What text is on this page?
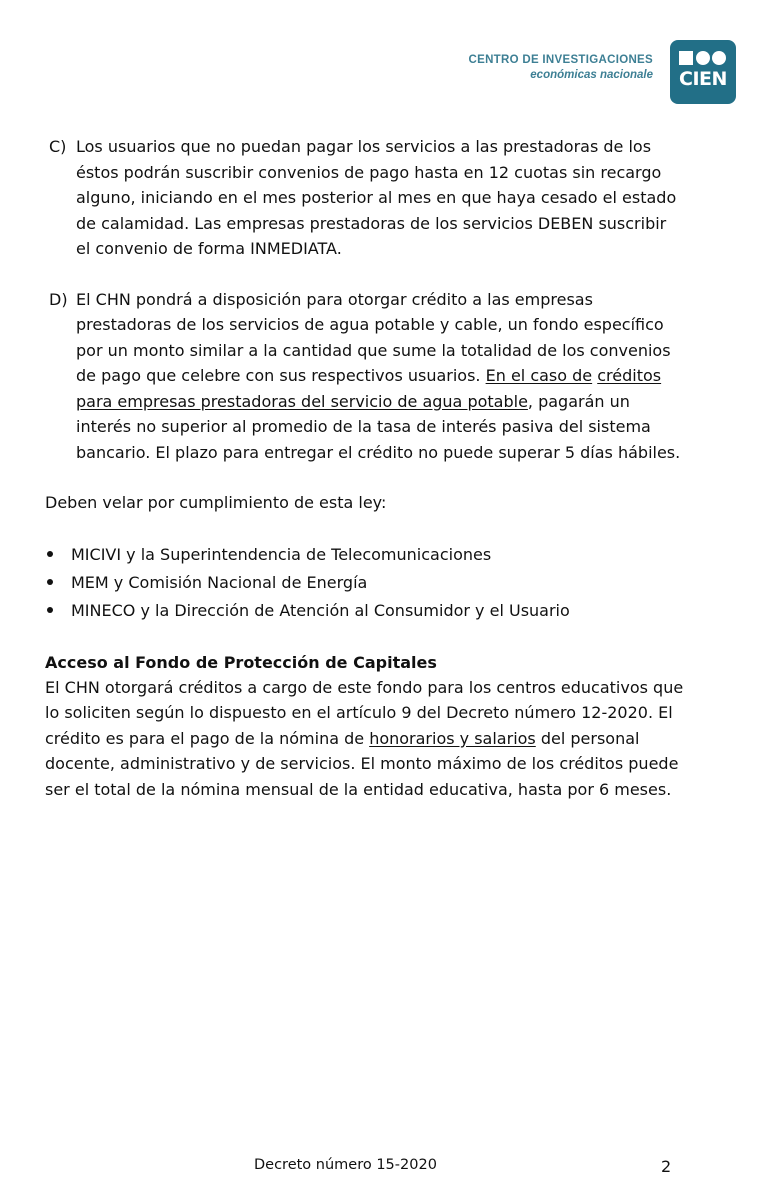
CENTRO DE INVESTIGACIONES
económicas nacionale	CIEN
C) Los usuarios que no puedan pagar los servicios a las prestadoras de los éstos podrán suscribir convenios de pago hasta en 12 cuotas sin recargo alguno, iniciando en el mes posterior al mes en que haya cesado el estado de calamidad. Las empresas prestadoras de los servicios DEBEN suscribir el convenio de forma INMEDIATA.

D) El CHN pondrá a disposición para otorgar crédito a las empresas prestadoras de los servicios de agua potable y cable, un fondo específico por un monto similar a la cantidad que sume la totalidad de los convenios de pago que celebre con sus respectivos usuarios. En el caso de créditos para empresas prestadoras del servicio de agua potable, pagarán un interés no superior al promedio de la tasa de interés pasiva del sistema bancario. El plazo para entregar el crédito no puede superar 5 días hábiles.

Deben velar por cumplimiento de esta ley:

MICIVI y la Superintendencia de Telecomunicaciones
MEM y Comisión Nacional de Energía
MINECO y la Dirección de Atención al Consumidor y el Usuario
Acceso al Fondo de Protección de Capitales

El CHN otorgará créditos a cargo de este fondo para los centros educativos que lo soliciten según lo dispuesto en el artículo 9 del Decreto número 12-2020. El crédito es para el pago de la nómina de honorarios y salarios del personal docente, administrativo y de servicios. El monto máximo de los créditos puede ser el total de la nómina mensual de la entidad educativa, hasta por 6 meses.

Decreto número 15-2020	2
